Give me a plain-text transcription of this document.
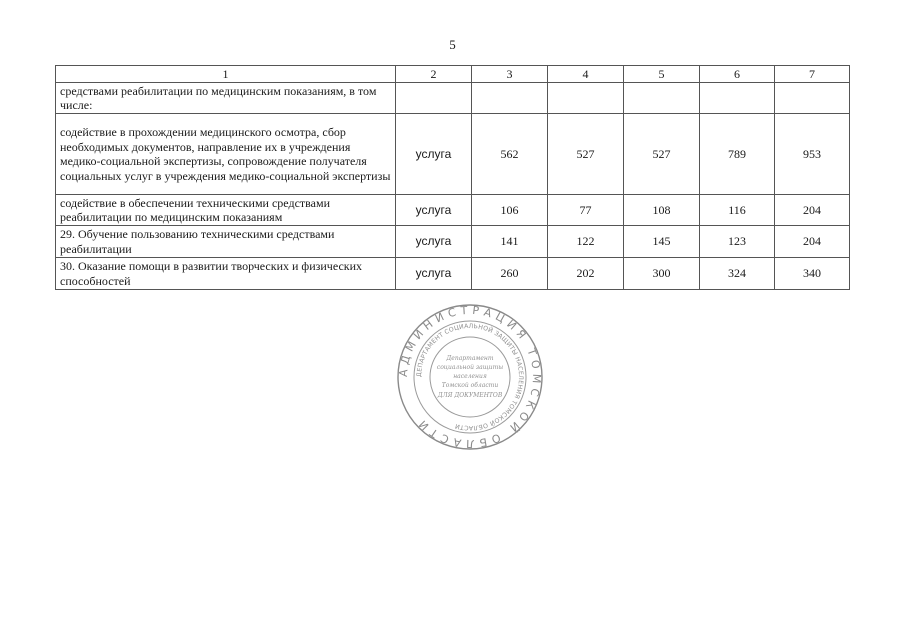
5
1	2	3	4	5	6	7
средствами реабилитации по медицинским показаниям, в том числе:						
содействие в прохождении медицинского осмотра, сбор необходимых документов, направление их в учреждения медико-социальной экспертизы, сопровождение получателя социальных услуг в учреждения медико-социальной экспертизы	услуга	562	527	527	789	953
содействие в обеспечении техническими средствами реабилитации по медицинским показаниям	услуга	106	77	108	116	204
29. Обучение пользованию техническими средствами реабилитации	услуга	141	122	145	123	204
30. Оказание помощи в развитии творческих и физических способностей	услуга	260	202	300	324	340
АДМИНИСТРАЦИЯ ТОМСКОЙ ОБЛАСТИ
ДЕПАРТАМЕНТ СОЦИАЛЬНОЙ ЗАЩИТЫ НАСЕЛЕНИЯ ТОМСКОЙ ОБЛАСТИ
Департамент
социальной защиты
населения
Томской области
ДЛЯ ДОКУМЕНТОВ
